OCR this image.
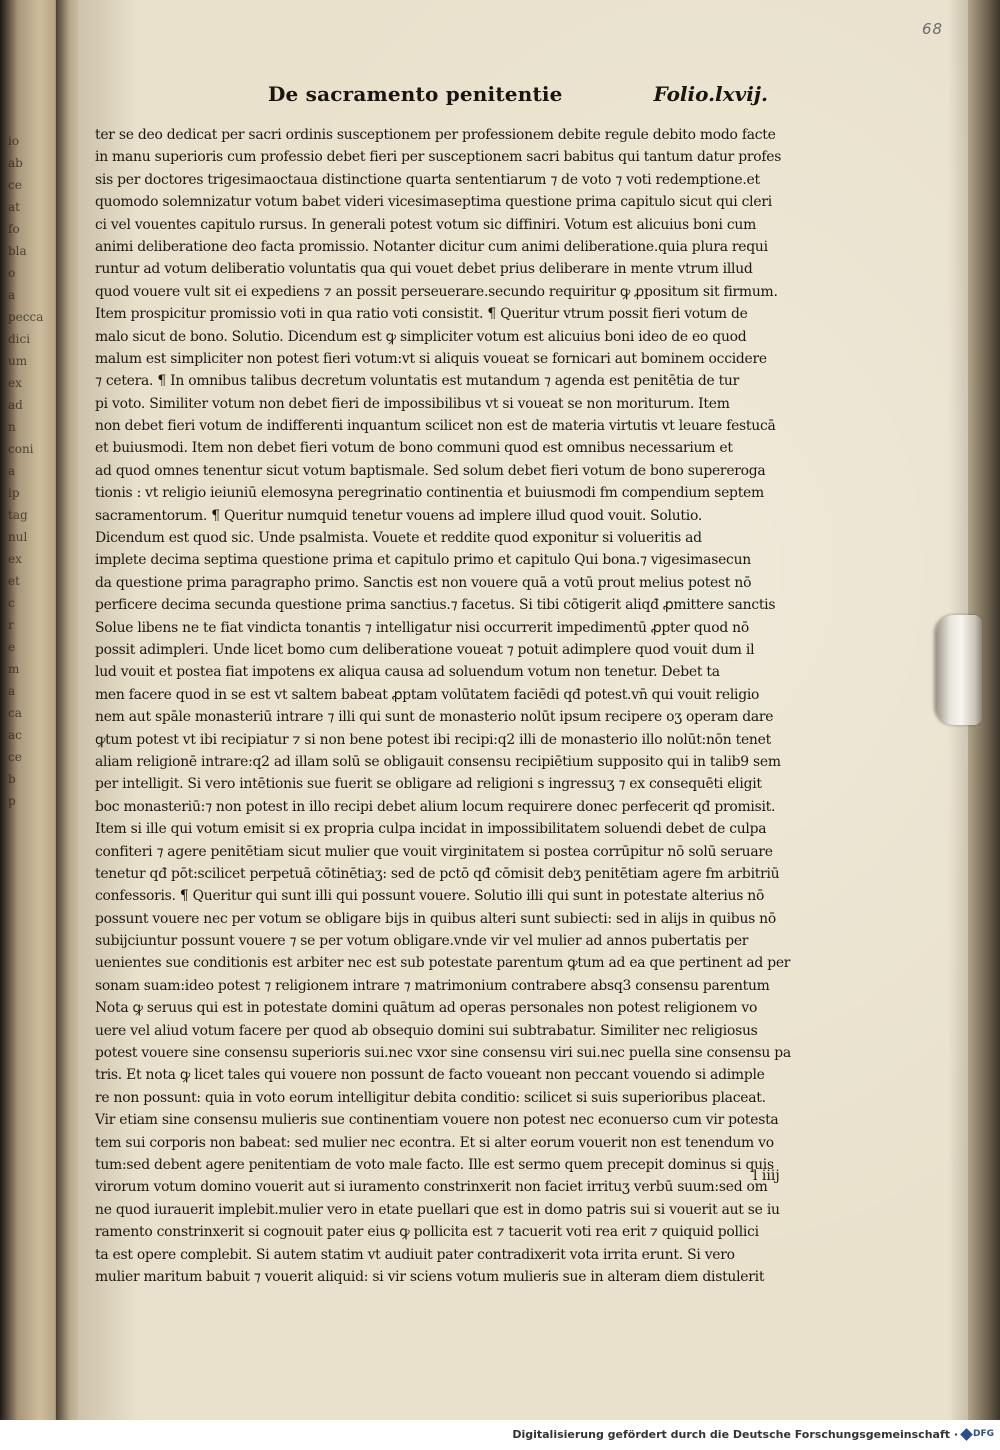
io
ab
ce
at
fo
bla
o
a
pecca
dici
um
ex
ad
n
coni
a
ip
tag
nul
ex
et
c
r
e
m
a
ca
ac
ce
b
p
68
De sacramento penitentie	Folio.lxvij.
ter se deo dedicat per sacri ordinis susceptionem per professionem debite regule debito modo facte
in manu superioris cum professio debet fieri per susceptionem sacri babitus qui tantum datur profes
sis per doctores trigesimaoctaua distinctione quarta sententiarum ⁊ de voto ⁊ voti redemptione.et
quomodo solemnizatur votum babet videri vicesimaseptima questione prima capitulo sicut qui cleri
ci vel vouentes capitulo rursus. In generali potest votum sic diffiniri. Votum est alicuius boni cum
animi deliberatione deo facta promissio. Notanter dicitur cum animi deliberatione.quia plura requi
runtur ad votum deliberatio voluntatis qua qui vouet debet prius deliberare in mente vtrum illud
quod vouere vult sit ei expediens ⁊ an possit perseuerare.secundo requiritur ꝙ ꝓpositum sit firmum.
Item prospicitur promissio voti in qua ratio voti consistit. ¶ Queritur vtrum possit fieri votum de
malo sicut de bono. Solutio. Dicendum est ꝙ simpliciter votum est alicuius boni ideo de eo quod
malum est simpliciter non potest fieri votum:vt si aliquis voueat se fornicari aut bominem occidere
⁊ cetera. ¶ In omnibus talibus decretum voluntatis est mutandum ⁊ agenda est penitētia de tur
pi voto. Similiter votum non debet fieri de impossibilibus vt si voueat se non moriturum. Item
non debet fieri votum de indifferenti inquantum scilicet non est de materia virtutis vt leuare festucā
et buiusmodi. Item non debet fieri votum de bono communi quod est omnibus necessarium et
ad quod omnes tenentur sicut votum baptismale. Sed solum debet fieri votum de bono supererogа
tionis : vt religio ieiuniū elemosyna peregrinatio continentia et buiusmodi fm compendium septem
sacramentorum. ¶ Queritur numquid tenetur vouens ad implere illud quod vouit. Solutio.
Dicendum est quod sic. Unde psalmista. Vouete et reddite quod exponitur si volueritis ad
implete decima septima questione prima et capitulo primo et capitulo Qui bona.⁊ vigesimasecun
da questione prima paragrapho primo. Sanctis est non vouere quā a votū prout melius potest nō
perficere decima secunda questione prima sanctius.⁊ facetus. Si tibi cōtigerit aliqđ ꝓmittere sanctis
Solue libens ne te fiat vindicta tonantis ⁊ intelligatur nisi occurrerit impedimentū ꝓpter quod nō
possit adimpleri. Unde licet bomo cum deliberatione voueat ⁊ potuit adimplere quod vouit dum il
lud vouit et postea fiat impotens ex aliqua causa ad soluendum votum non tenetur. Debet ta
men facere quod in se est vt saltem babeat ꝓptam volūtatem faciēdi qđ potest.vn̄ qui vouit religio
nem aut spāle monasteriū intrare ⁊ illi qui sunt de monasterio nolūt ipsum recipere oʒ operam dare
ꝙtum potest vt ibi recipiatur ⁊ si non bene potest ibi recipi:q2 illi de monasterio illo nolūt:nōn tenet
aliam religionē intrare:q2 ad illam solū se obligauit consensu recipiētium supposito qui in talib9 sem
per intelligit. Si vero intētionis sue fuerit se obligare ad religioni s ingressuʒ ⁊ ex consequēti eligit
boc monasteriū:⁊ non potest in illo recipi debet alium locum requirere donec perfecerit qđ promisit.
Item si ille qui votum emisit si ex propria culpa incidat in impossibilitatem soluendi debet de culpa
confiteri ⁊ agere penitētiam sicut mulier que vouit virginitatem si postea corrūpitur nō solū seruare
tenetur qđ pōt:scilicet perpetuā cōtinētiaʒ: sed de pctō qđ cōmisit debʒ penitētiam agere fm arbitriū
confessoris. ¶ Queritur qui sunt illi qui possunt vouere. Solutio illi qui sunt in potestate alterius nō
possunt vouere nec per votum se obligare bijs in quibus alteri sunt subiecti: sed in alijs in quibus nō
subijciuntur possunt vouere ⁊ se per votum obligare.vnde vir vel mulier ad annos pubertatis per
uenientes sue conditionis est arbiter nec est sub potestate parentum ꝙtum ad ea que pertinent ad per
sonam suam:ideo potest ⁊ religionem intrare ⁊ matrimonium contrabere absq3 consensu parentum
Nota ꝙ seruus qui est in potestate domini quātum ad operas personales non potest religionem vo
uere vel aliud votum facere per quod ab obsequio domini sui subtrabatur. Similiter nec religiosus
potest vouere sine consensu superioris sui.nec vxor sine consensu viri sui.nec puella sine consensu pa
tris. Et nota ꝙ licet tales qui vouere non possunt de facto voueant non peccant vouendo si adimple
re non possunt: quia in voto eorum intelligitur debita conditio: scilicet si suis superioribus placeat.
Vir etiam sine consensu mulieris sue continentiam vouere non potest nec econuerso cum vir potesta
tem sui corporis non babeat: sed mulier nec econtra. Et si alter eorum vouerit non est tenendum vo
tum:sed debent agere penitentiam de voto male facto. Ille est sermo quem precepit dominus si quis
virorum votum domino vouerit aut si iuramento constrinxerit non faciet irrituʒ verbū suum:sed om
ne quod iurauerit implebit.mulier vero in etate puellari que est in domo patris sui si vouerit aut se iu
ramento constrinxerit si cognouit pater eius ꝙ pollicita est ⁊ tacuerit voti rea erit ⁊ quiquid pollici
ta est opere complebit. Si autem statim vt audiuit pater contradixerit vota irrita erunt. Si vero
mulier maritum babuit ⁊ vouerit aliquid: si vir sciens votum mulieris sue in alteram diem distulerit
l iiij
Digitalisierung gefördert durch die Deutsche Forschungsgemeinschaft · DFG
